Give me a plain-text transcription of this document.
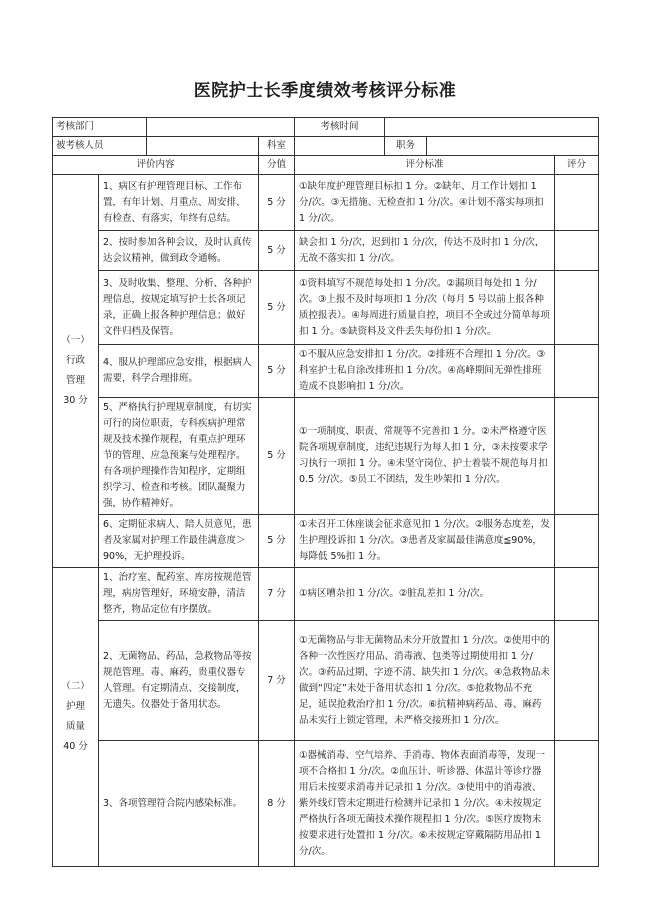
医院护士长季度绩效考核评分标准
考核部门				考核时间			
被考核人员			科室		职务		
评价内容			分值	评分标准			评分

（一）
行政
管理
30 分	1、病区有护理管理目标、工作布置，有年计划、月重点、周安排、有检查、有落实，年终有总结。		5 分	①缺年度护理管理目标扣 1 分。②缺年、月工作计划扣 1 分/次。③无措施、无检查扣 1 分/次。④计划不落实每项扣 1 分/次。			
	2、按时参加各种会议，及时认真传达会议精神，做到政令通畅。		5 分	缺会扣 1 分/次，迟到扣 1 分/次，传达不及时扣 1 分/次，无故不落实扣 1 分/次。			
	3、及时收集、整理、分析、各种护理信息，按规定填写护士长各项记录，正确上报各种护理信息；做好文件归档及保管。		5 分	①资料填写不规范每处扣 1 分/次。②漏项目每处扣 1 分/次。③上报不及时每项扣 1 分/次（每月 5 号以前上报各种质控报表）。④每周进行质量自控，项目不全或过分简单每项扣 1 分。⑤缺资料及文件丢失每份扣 1 分/次。			
	4、服从护理部应急安排，根据病人需要，科学合理排班。		5 分	①不服从应急安排扣 1 分/次。②排班不合理扣 1 分/次。③科室护士私自涂改排班扣 1 分/次。④高峰期间无弹性排班造成不良影响扣 1 分/次。			
	5、严格执行护理规章制度，有切实可行的岗位职责，专科疾病护理常规及技术操作规程，有重点护理环节的管理、应急预案与处理程序。有各项护理操作告知程序，定期组织学习、检查和考核。团队凝聚力强，协作精神好。		5 分	①一项制度、职责、常规等不完善扣 1 分。②未严格遵守医院各项规章制度，违纪违规行为每人扣 1 分，③未按要求学习执行一项扣 1 分。④未坚守岗位、护士着装不规范每月扣 0.5 分/次。⑤员工不团结，发生吵架扣 1 分/次。			
	6、定期征求病人、陪人员意见，患者及家属对护理工作最佳满意度＞90%，无护理投诉。		5 分	①未召开工休座谈会征求意见扣 1 分/次。②服务态度差，发生护理投诉扣 1 分/次。③患者及家属最佳满意度≦90%，每降低 5%扣 1 分。			

（二）
护理
质量
40 分	1、治疗室、配药室、库房按规范管理，病房管理好，环境安静，清洁整齐，物品定位有序摆放。		7 分	①病区嘈杂扣 1 分/次。②脏乱差扣 1 分/次。			
	2、无菌物品、药品，急救物品等按规范管理。毒、麻药，贵重仪器专人管理。有定期清点、交接制度，无遗失。仪器处于备用状态。		7 分	①无菌物品与非无菌物品未分开放置扣 1 分/次。②使用中的各种一次性医疗用品、消毒液、包类等过期使用扣 1 分/次。③药品过期、字迹不清、缺失扣 1 分/次。④急救物品未做到“四定”未处于备用状态扣 1 分/次。⑤抢救物品不充足，延误抢救治疗扣 1 分/次。⑥抗精神病药品、毒、麻药品未实行上锁定管理，未严格交接班扣 1 分/次。			
	3、各项管理符合院内感染标准。		8 分	①器械消毒、空气培养、手消毒、物体表面消毒等，发现一项不合格扣 1 分/次。②血压计、听诊器、体温计等诊疗器用后未按要求消毒并记录扣 1 分/次。③使用中的消毒液、紫外线灯管未定期进行检测并记录扣 1 分/次。④未按规定严格执行各项无菌技术操作规程扣 1 分/次。⑤医疗废物未按要求进行处置扣 1 分/次。⑥未按规定穿戴隔防用品扣 1 分/次。			
